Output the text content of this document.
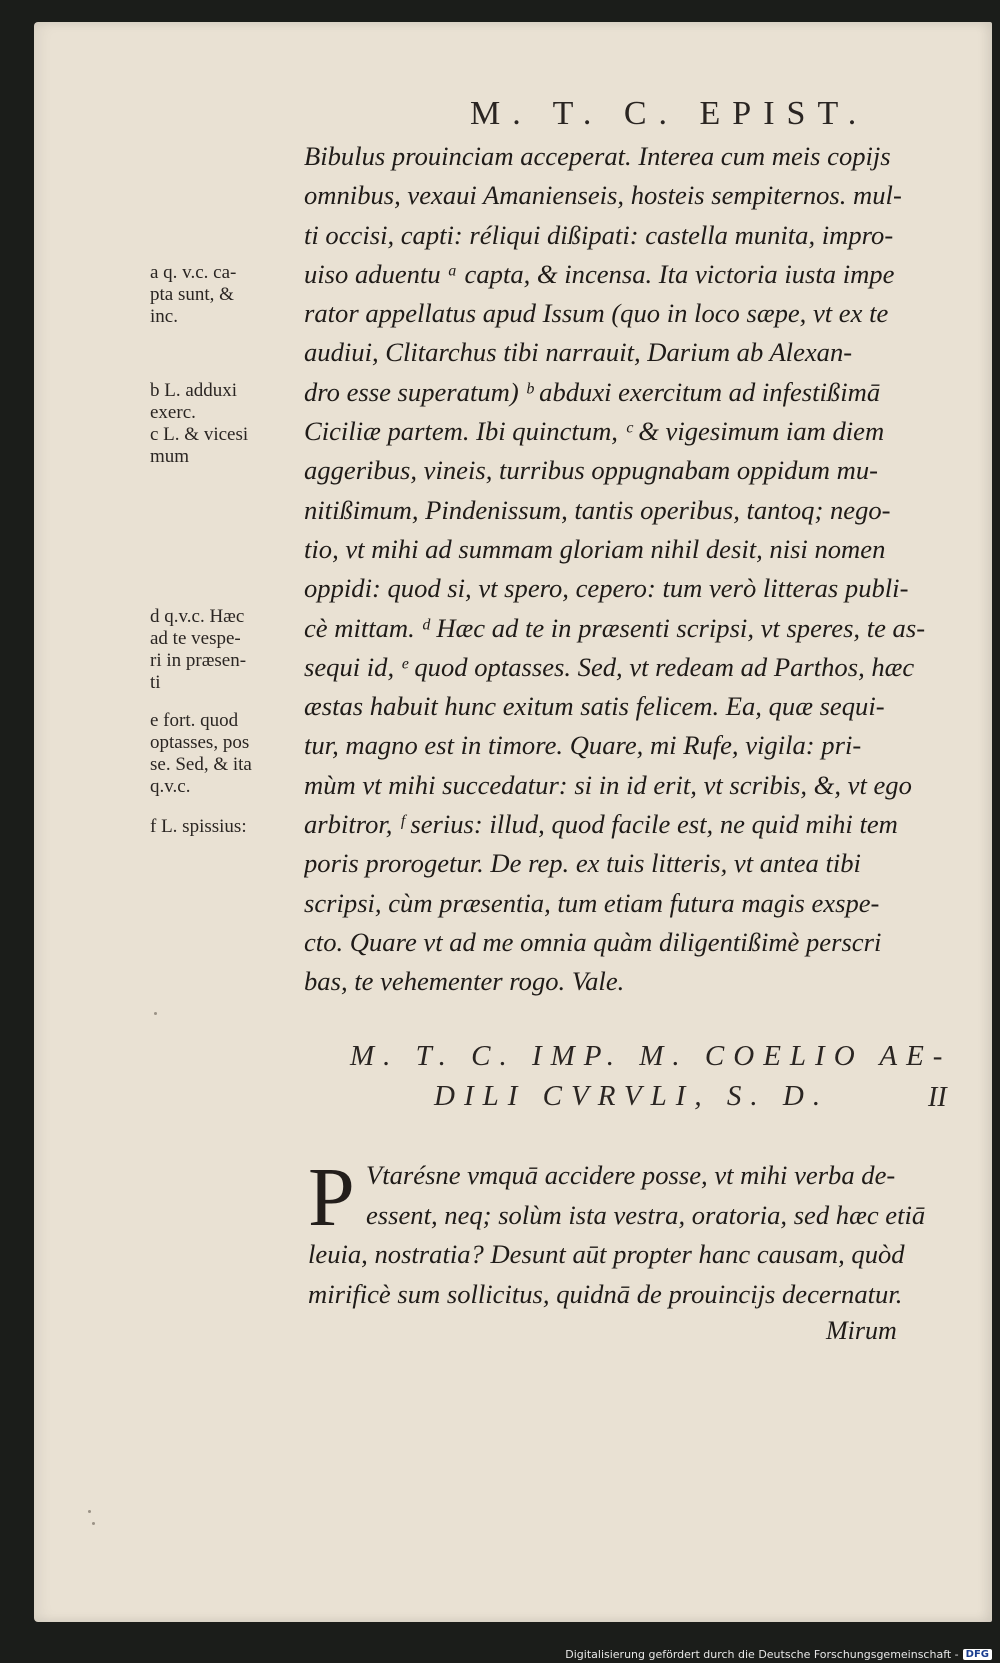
M. T. C. EPIST.
Bibulus prouinciam acceperat. Interea cum meis copijs
omnibus, vexaui Amanienseis, hosteis sempiternos. mul-
ti occisi, capti: réliqui dißipati: castella munita, impro-
uiso aduentu ᵃ capta, & incensa. Ita victoria iusta impe
rator appellatus apud Issum (quo in loco sæpe, vt ex te
audiui, Clitarchus tibi narrauit, Darium ab Alexan-
dro esse superatum) ᵇ abduxi exercitum ad infestißimā
Ciciliæ partem. Ibi quinctum, ᶜ & vigesimum iam diem
aggeribus, vineis, turribus oppugnabam oppidum mu-
nitißimum, Pindenissum, tantis operibus, tantoq; nego-
tio, vt mihi ad summam gloriam nihil desit, nisi nomen
oppidi: quod si, vt spero, cepero: tum verò litteras publi-
cè mittam. ᵈ Hæc ad te in præsenti scripsi, vt speres, te as-
sequi id, ᵉ quod optasses. Sed, vt redeam ad Parthos, hæc
æstas habuit hunc exitum satis felicem. Ea, quæ sequi-
tur, magno est in timore. Quare, mi Rufe, vigila: pri-
mùm vt mihi succedatur: si in id erit, vt scribis, &, vt ego
arbitror, ᶠ serius: illud, quod facile est, ne quid mihi tem
poris prorogetur. De rep. ex tuis litteris, vt antea tibi
scripsi, cùm præsentia, tum etiam futura magis exspe-
cto. Quare vt ad me omnia quàm diligentißimè perscri
bas, te vehementer rogo. Vale.
a q. v.c. ca-
pta sunt, &
inc.
b L. adduxi
exerc.
c L. & vicesi
mum
d q.v.c. Hæc
ad te vespe-
ri in præsen-
ti
e fort. quod
optasses, pos
se. Sed, & ita
q.v.c.
f L. spissius:
M. T. C. IMP. M. COELIO AE-
DILI CVRVLI, S. D.	II
P Vtarésne vmquā accidere posse, vt mihi verba de-
essent, neq; solùm ista vestra, oratoria, sed hæc etiā
leuia, nostratia? Desunt aūt propter hanc causam, quòd
mirificè sum sollicitus, quidnā de prouincijs decernatur.
Mirum
Digitalisierung gefördert durch die Deutsche Forschungsgemeinschaft - DFG
